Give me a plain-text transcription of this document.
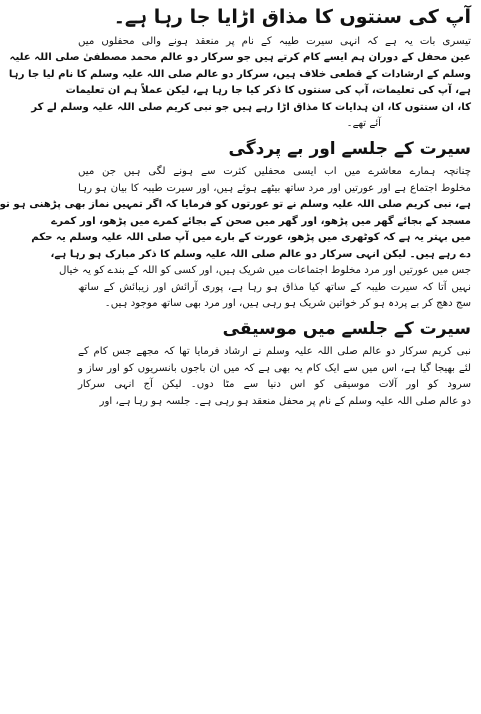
آپ کی سنتوں کا مذاق اڑایا جا رہا ہے۔
تیسری بات یہ ہے کہ انہی سیرت طیبہ کے نام پر منعقد ہونے والی محفلوں میں
عین محفل کے دوران ہم ایسے کام کرتے ہیں جو سرکار دو عالم محمد مصطفیٰ صلی اللہ علیہ
وسلم کے ارشادات کے قطعی خلاف ہیں، سرکار دو عالم صلی اللہ علیہ وسلم کا نام لیا جا رہا
ہے، آپ کی تعلیمات، آپ کی سنتوں کا ذکر کیا جا رہا ہے، لیکن عملاً ہم ان تعلیمات
کا، ان سنتوں کا، ان ہدایات کا مذاق اڑا رہے ہیں جو نبی کریم صلی اللہ علیہ وسلم لے کر
آئے تھے۔
سیرت کے جلسے اور بے پردگی
چنانچہ ہمارے معاشرے میں اب ایسی محفلیں کثرت سے ہونے لگی ہیں جن میں
مخلوط اجتماع ہے اور عورتیں اور مرد ساتھ بیٹھے ہوئے ہیں، اور سیرت طیبہ کا بیان ہو رہا
ہے، نبی کریم صلی اللہ علیہ وسلم نے تو عورتوں کو فرمایا کہ اگر تمہیں نماز بھی پڑھنی ہو تو
مسجد کے بجائے گھر میں پڑھو، اور گھر میں صحن کے بجائے کمرے میں پڑھو، اور کمرے
میں بہتر یہ ہے کہ کوٹھری میں پڑھو، عورت کے بارے میں آپ صلی اللہ علیہ وسلم یہ حکم
دے رہے ہیں۔ لیکن انہی سرکار دو عالم صلی اللہ علیہ وسلم کا ذکر مبارک ہو رہا ہے،
جس میں عورتیں اور مرد مخلوط اجتماعات میں شریک ہیں، اور کسی کو اللہ کے بندے کو یہ خیال
نہیں آتا کہ سیرت طیبہ کے ساتھ کیا مذاق ہو رہا ہے، پوری آرائش اور زیبائش کے ساتھ
سج دھج کر بے پردہ ہو کر خواتین شریک ہو رہی ہیں، اور مرد بھی ساتھ موجود ہیں۔
سیرت کے جلسے میں موسیقی
نبی کریم سرکار دو عالم صلی اللہ علیہ وسلم نے ارشاد فرمایا تھا کہ مجھے جس کام کے
لئے بھیجا گیا ہے، اس میں سے ایک کام یہ بھی ہے کہ میں ان باجوں بانسریوں کو اور ساز و
سرود کو اور آلات موسیقی کو اس دنیا سے مٹا دوں۔ لیکن آج انہی سرکار
دو عالم صلی اللہ علیہ وسلم کے نام پر محفل منعقد ہو رہی ہے۔ جلسہ ہو رہا ہے، اور
